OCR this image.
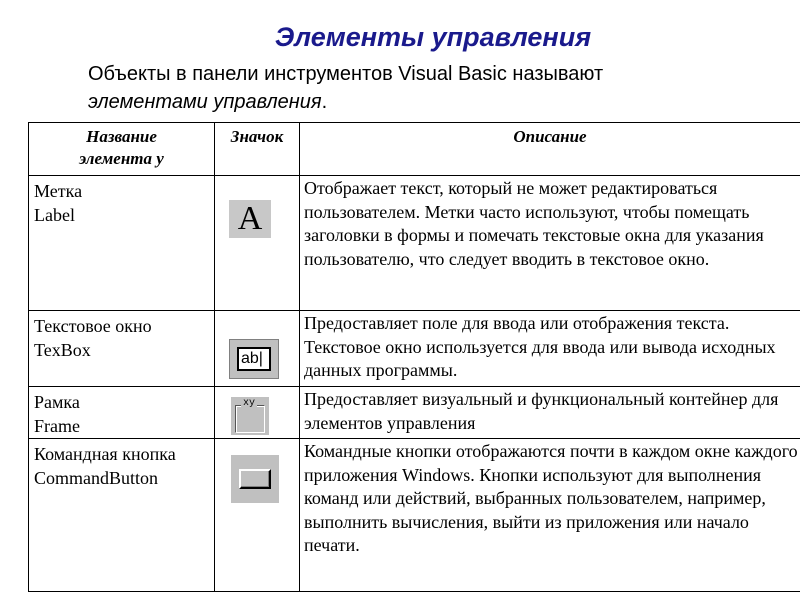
Элементы управления
Объекты в панели инструментов Visual Basic называют
элементами управления.
Название
элемента у	Значок	Описание

Метка
Label	A	Отображает текст, который не может редактироваться пользователем. Метки часто используют, чтобы помещать заголовки в формы и помечать текстовые окна для указания пользователю, что следует вводить в текстовое окно.

Текстовое окно
TexBox	ab|	Предоставляет поле для ввода или отображения текста. Текстовое окно используется для ввода или вывода исходных данных программы.

Рамка
Frame	xy	Предоставляет визуальный и функциональный контейнер для элементов управления

Командная кнопка
CommandButton		Командные кнопки отображаются почти в каждом окне каждого приложения Windows. Кнопки используют для выполнения команд или действий, выбранных пользователем, например, выполнить вычисления, выйти из приложения или начало печати.
